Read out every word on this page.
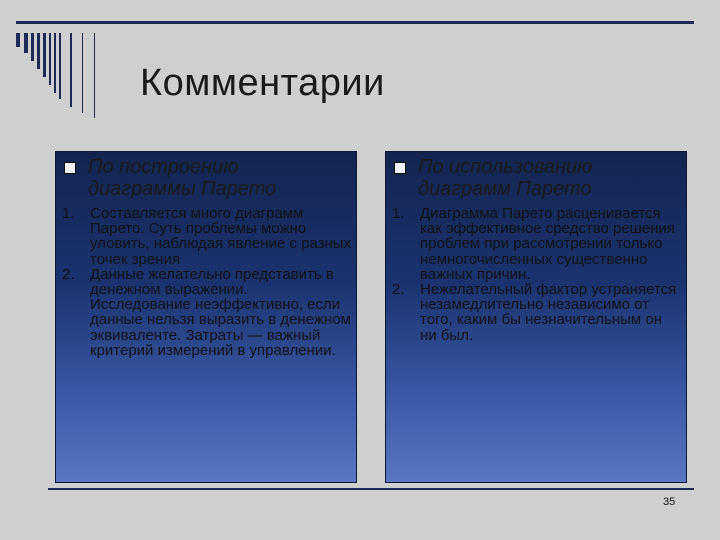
Комментарии
По построению диаграммы Парето
1. Составляется много диаграмм Парето. Суть проблемы можно уловить, наблюдая явление с разных точек зрения
2. Данные желательно представить в денежном выражении. Исследование неэффективно, если данные нельзя выразить в денежном эквиваленте. Затраты — важный критерий измерений в управлении.
По использованию диаграмм Парето
1. Диаграмма Парето расценивается как эффективное средство решения проблем при рассмотрении только немногочисленных существенно важных причин.
2. Нежелательный фактор устраняется незамедлительно независимо от того, каким бы незначительным он ни был.
35
